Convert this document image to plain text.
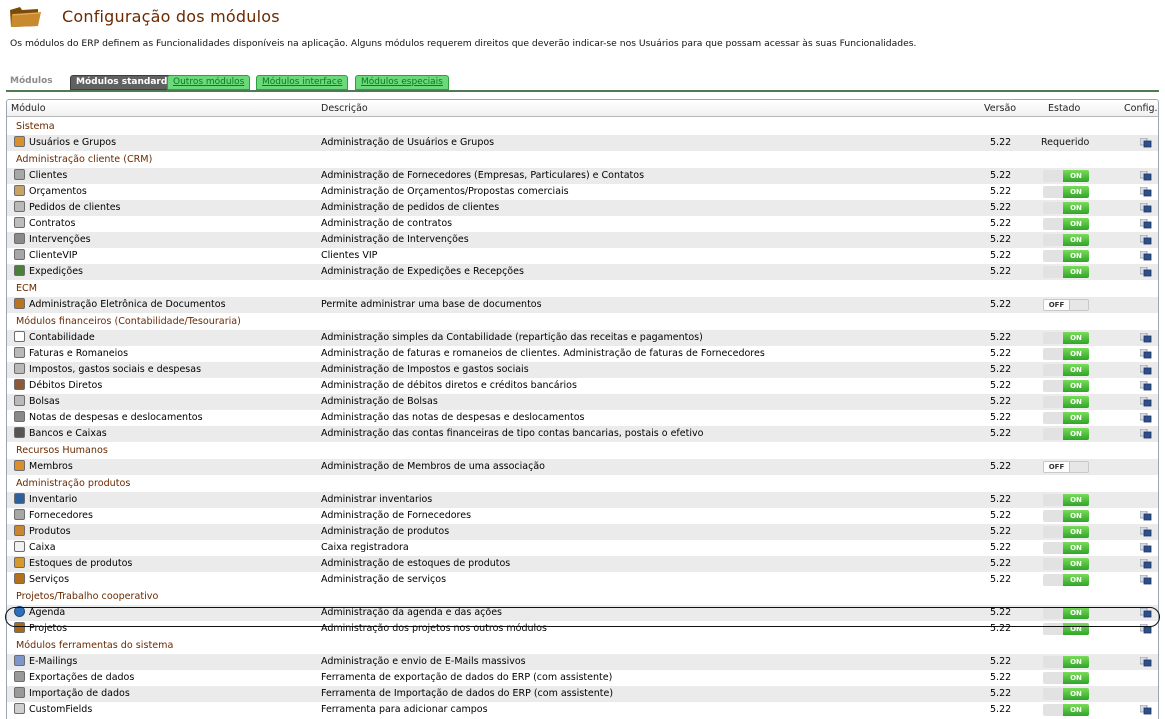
Configuração dos módulos
Os módulos do ERP definem as Funcionalidades disponíveis na aplicação. Alguns módulos requerem direitos que deverão indicar-se nos Usuários para que possam acessar às suas Funcionalidades.
Módulos	Módulos standard Outros módulos	Módulos interface	Módulos especiais
Módulo	Descrição	Versão	Estado	Config.
Sistema
Usuários e Grupos	Administração de Usuários e Grupos	5.22	Requerido
Administração cliente (CRM)
Clientes	Administração de Fornecedores (Empresas, Particulares) e Contatos	5.22	ON
Orçamentos	Administração de Orçamentos/Propostas comerciais	5.22	ON
Pedidos de clientes	Administração de pedidos de clientes	5.22	ON
Contratos	Administração de contratos	5.22	ON
Intervenções	Administração de Intervenções	5.22	ON
ClienteVIP	Clientes VIP	5.22	ON
Expedições	Administração de Expedições e Recepções	5.22	ON
ECM
Administração Eletrônica de Documentos	Permite administrar uma base de documentos	5.22	OFF
Módulos financeiros (Contabilidade/Tesouraria)
Contabilidade	Administração simples da Contabilidade (repartição das receitas e pagamentos)	5.22	ON
Faturas e Romaneios	Administração de faturas e romaneios de clientes. Administração de faturas de Fornecedores	5.22	ON
Impostos, gastos sociais e despesas	Administração de Impostos e gastos sociais	5.22	ON
Débitos Diretos	Administração de débitos diretos e créditos bancários	5.22	ON
Bolsas	Administração de Bolsas	5.22	ON
Notas de despesas e deslocamentos	Administração das notas de despesas e deslocamentos	5.22	ON
Bancos e Caixas	Administração das contas financeiras de tipo contas bancarias, postais o efetivo	5.22	ON
Recursos Humanos
Membros	Administração de Membros de uma associação	5.22	OFF
Administração produtos
Inventario	Administrar inventarios	5.22	ON
Fornecedores	Administração de Fornecedores	5.22	ON
Produtos	Administração de produtos	5.22	ON
Caixa	Caixa registradora	5.22	ON
Estoques de produtos	Administração de estoques de produtos	5.22	ON
Serviços	Administração de serviços	5.22	ON
Projetos/Trabalho cooperativo
Agenda	Administração da agenda e das ações	5.22	ON
Projetos	Administração dos projetos nos outros módulos	5.22	ON
Módulos ferramentas do sistema
E-Mailings	Administração e envio de E-Mails massivos	5.22	ON
Exportações de dados	Ferramenta de exportação de dados do ERP (com assistente)	5.22	ON
Importação de dados	Ferramenta de Importação de dados do ERP (com assistente)	5.22	ON
CustomFields	Ferramenta para adicionar campos	5.22	ON
